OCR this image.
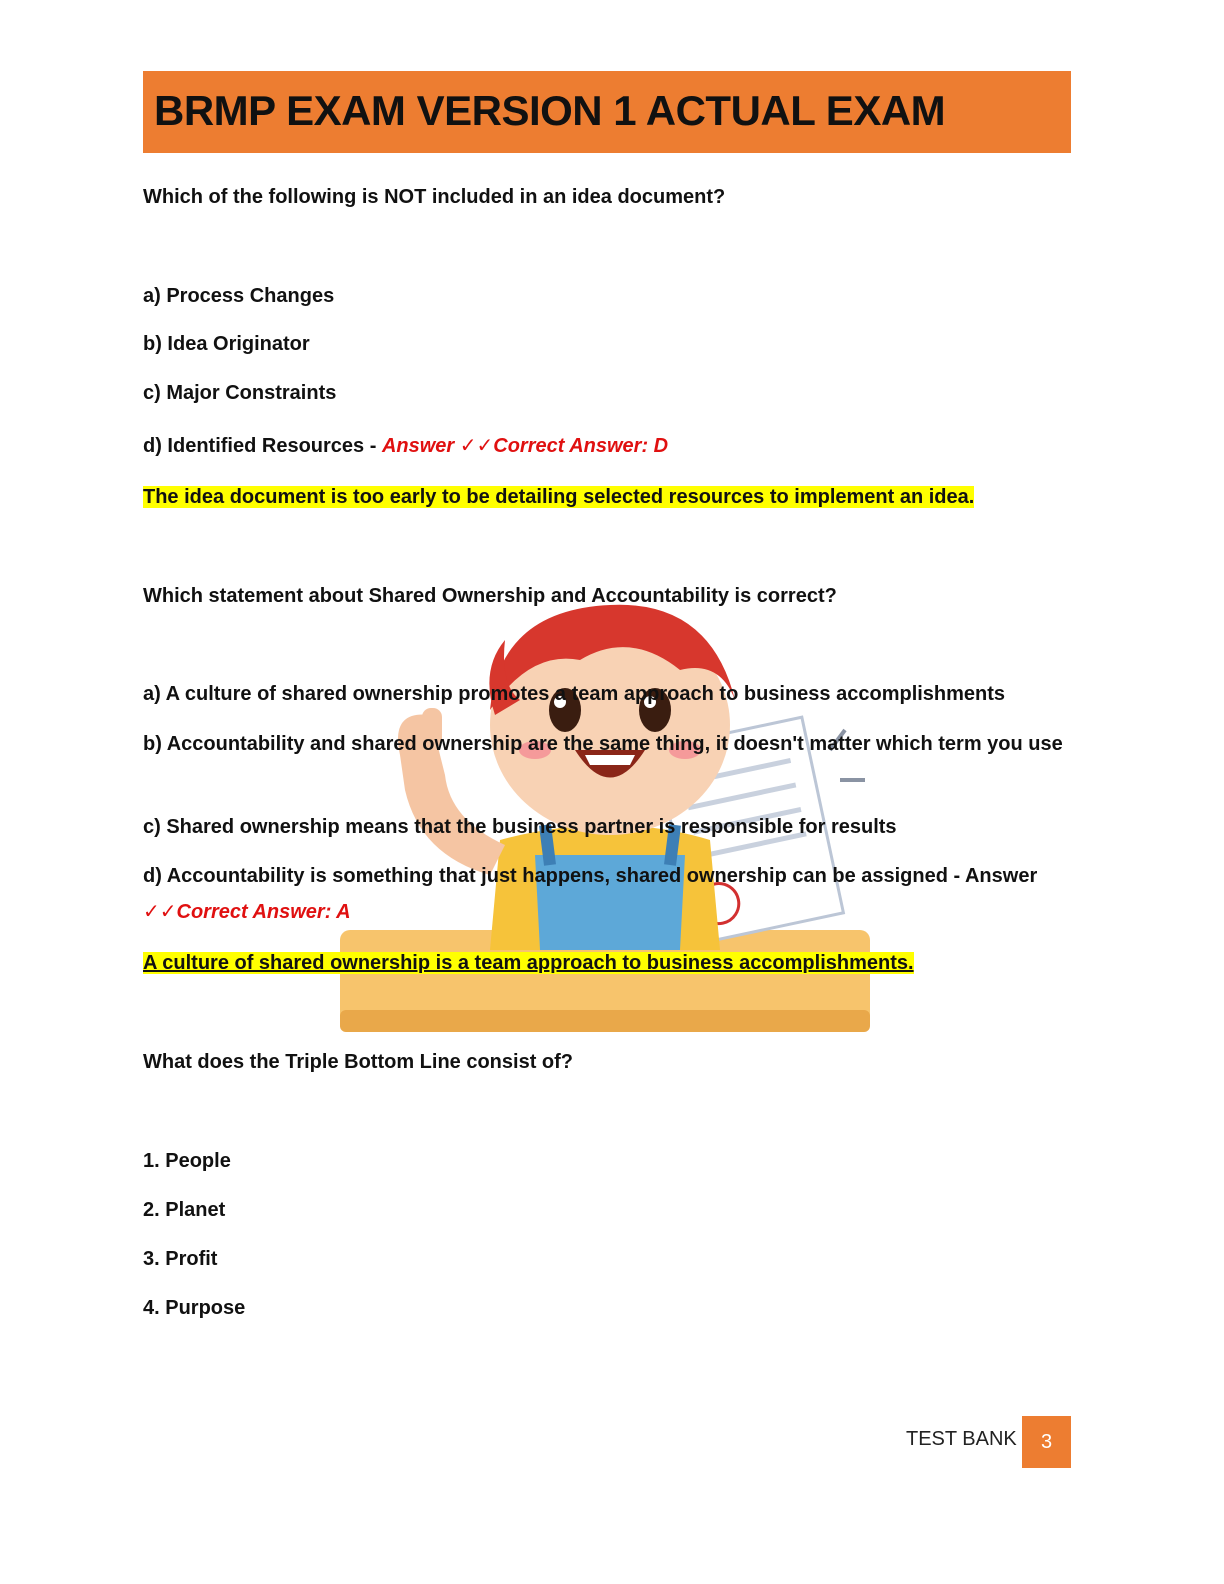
BRMP EXAM VERSION 1 ACTUAL EXAM
Which of the following is NOT included in an idea document?
a) Process Changes
b) Idea Originator
c) Major Constraints
d) Identified Resources - Answer ✓✓Correct Answer: D
The idea document is too early to be detailing selected resources to implement an idea.
Which statement about Shared Ownership and Accountability is correct?
a) A culture of shared ownership promotes a team approach to business accomplishments
b) Accountability and shared ownership are the same thing, it doesn't matter which term you use
c) Shared ownership means that the business partner is responsible for results
d) Accountability is something that just happens, shared ownership can be assigned - Answer
✓✓Correct Answer: A
A culture of shared ownership is a team approach to business accomplishments.
What does the Triple Bottom Line consist of?
1. People
2. Planet
3. Profit
4. Purpose
TEST BANK	3
